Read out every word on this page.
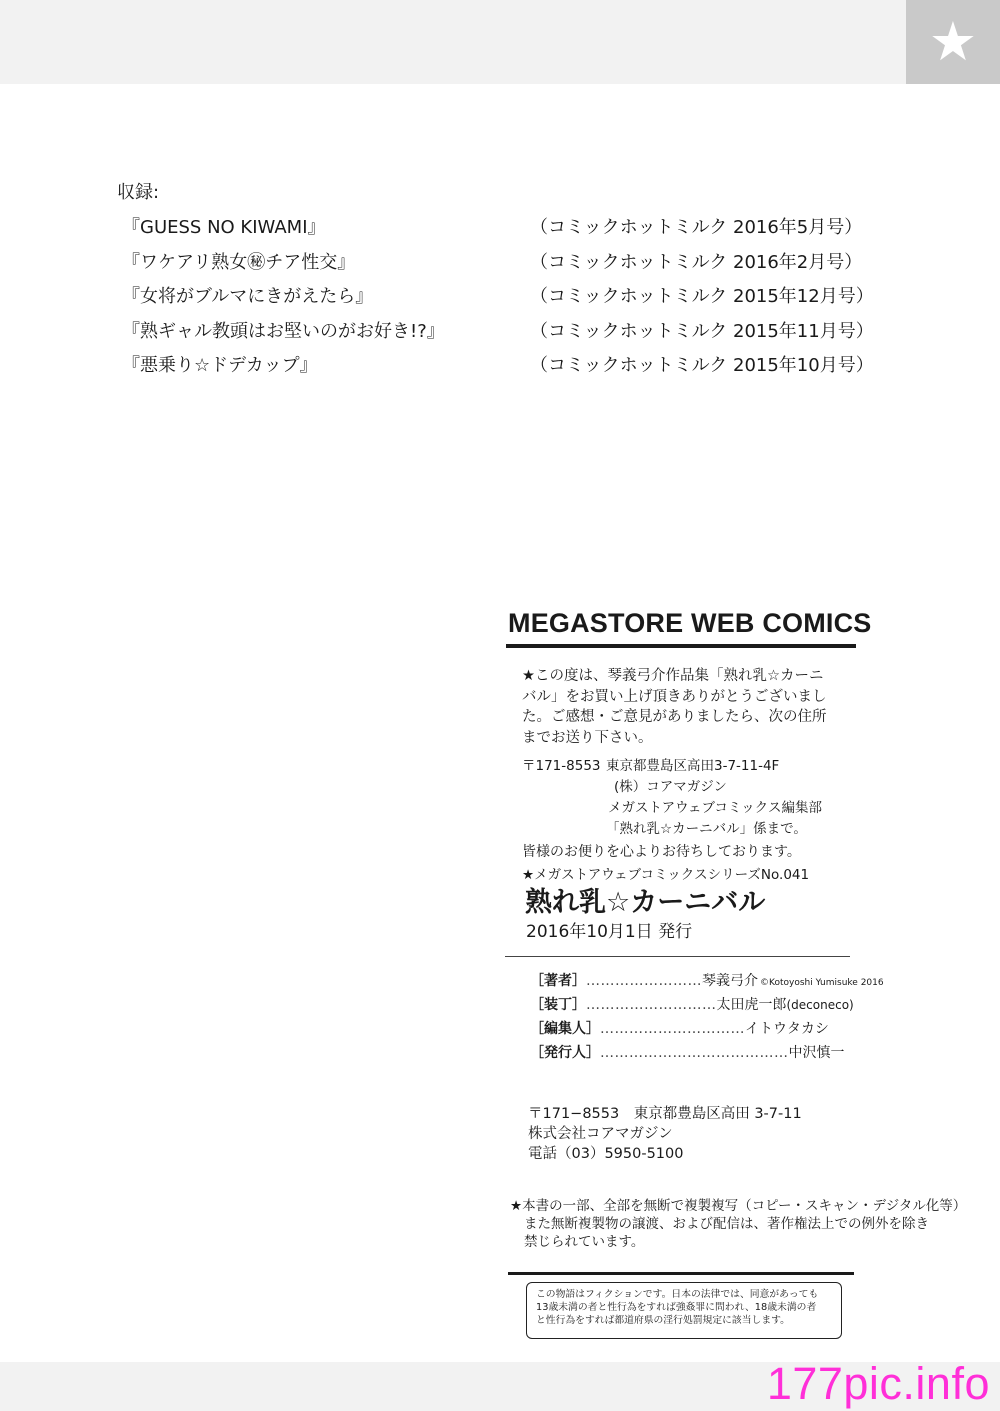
★
収録:
『GUESS NO KIWAMI』	（コミックホットミルク 2016年5月号）
『ワケアリ熟女㊙チア性交』	（コミックホットミルク 2016年2月号）
『女将がブルマにきがえたら』	（コミックホットミルク 2015年12月号）
『熟ギャル教頭はお堅いのがお好き!?』	（コミックホットミルク 2015年11月号）
『悪乗り☆ドデカップ』	（コミックホットミルク 2015年10月号）
MEGASTORE WEB COMICS
★この度は、琴義弓介作品集「熟れ乳☆カーニ
バル」をお買い上げ頂きありがとうございまし
た。ご感想・ご意見がありましたら、次の住所
までお送り下さい。
〒171-8553 東京都豊島区高田3-7-11-4F
(株）コアマガジン
メガストアウェブコミックス編集部
「熟れ乳☆カーニバル」係まで。
皆様のお便りを心よりお待ちしております。
★メガストアウェブコミックスシリーズNo.041
熟れ乳☆カーニバル
2016年10月1日 発行
［著者］ …………………… 琴義弓介 ©Kotoyoshi Yumisuke 2016
［装丁］ ……………………… 太田虎一郎 (deconeco)
［編集人］ ………………………… イトウタカシ
［発行人］ ………………………………… 中沢慎一
〒171−8553　東京都豊島区高田 3-7-11
株式会社コアマガジン
電話（03）5950-5100
★本書の一部、全部を無断で複製複写（コピー・スキャン・デジタル化等）
また無断複製物の譲渡、および配信は、著作権法上での例外を除き
禁じられています。
この物語はフィクションです。日本の法律では、同意があっても
13歳未満の者と性行為をすれば強姦罪に問われ、18歳未満の者
と性行為をすれば都道府県の淫行処罰規定に該当します。
177pic.info
